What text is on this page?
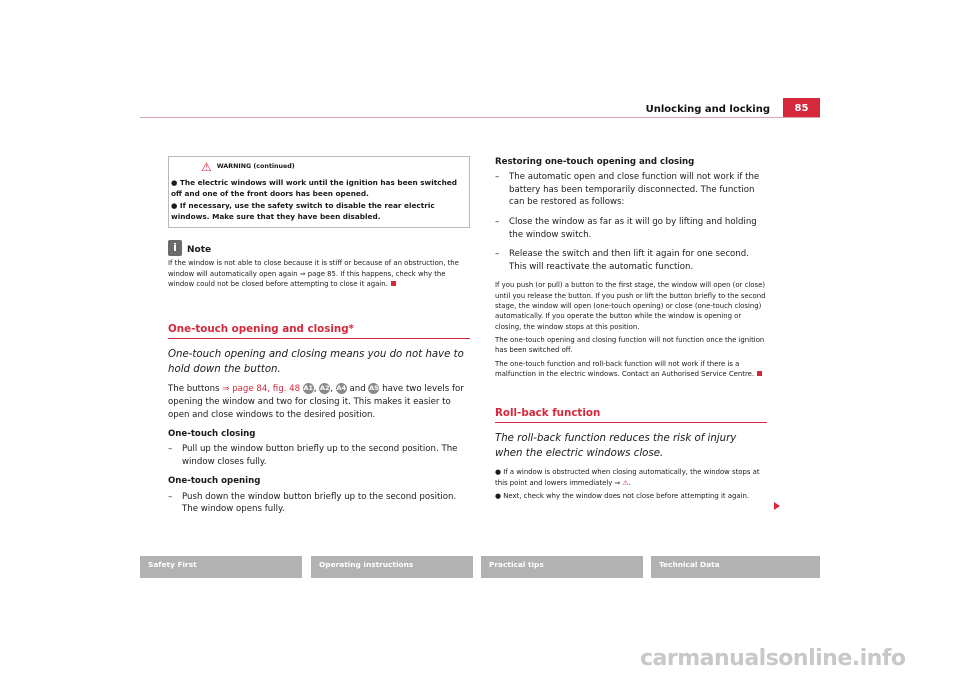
Unlocking and locking	85
⚠ WARNING (continued)
● The electric windows will work until the ignition has been switched off and one of the front doors has been opened.
● If necessary, use the safety switch to disable the rear electric windows. Make sure that they have been disabled.
i	Note
If the window is not able to close because it is stiff or because of an obstruction, the window will automatically open again ⇒ page 85. If this happens, check why the window could not be closed before attempting to close it again.
One-touch opening and closing*
One-touch opening and closing means you do not have to hold down the button.
The buttons ⇒ page 84, fig. 48 A1, A2, A4 and A5 have two levels for opening the window and two for closing it. This makes it easier to open and close windows to the desired position.
One-touch closing
–	Pull up the window button briefly up to the second position. The window closes fully.
One-touch opening
–	Push down the window button briefly up to the second position. The window opens fully.
Restoring one-touch opening and closing
–	The automatic open and close function will not work if the battery has been temporarily disconnected. The function can be restored as follows:
–	Close the window as far as it will go by lifting and holding the window switch.
–	Release the switch and then lift it again for one second. This will reactivate the automatic function.
If you push (or pull) a button to the first stage, the window will open (or close) until you release the button. If you push or lift the button briefly to the second stage, the window will open (one-touch opening) or close (one-touch closing) automatically. If you operate the button while the window is opening or closing, the window stops at this position.
The one-touch opening and closing function will not function once the ignition has been switched off.
The one-touch function and roll-back function will not work if there is a malfunction in the electric windows. Contact an Authorised Service Centre.
Roll-back function
The roll-back function reduces the risk of injury when the electric windows close.
● If a window is obstructed when closing automatically, the window stops at this point and lowers immediately ⇒ ⚠.
● Next, check why the window does not close before attempting it again.
Safety First	Operating instructions	Practical tips	Technical Data
carmanualsonline.info
